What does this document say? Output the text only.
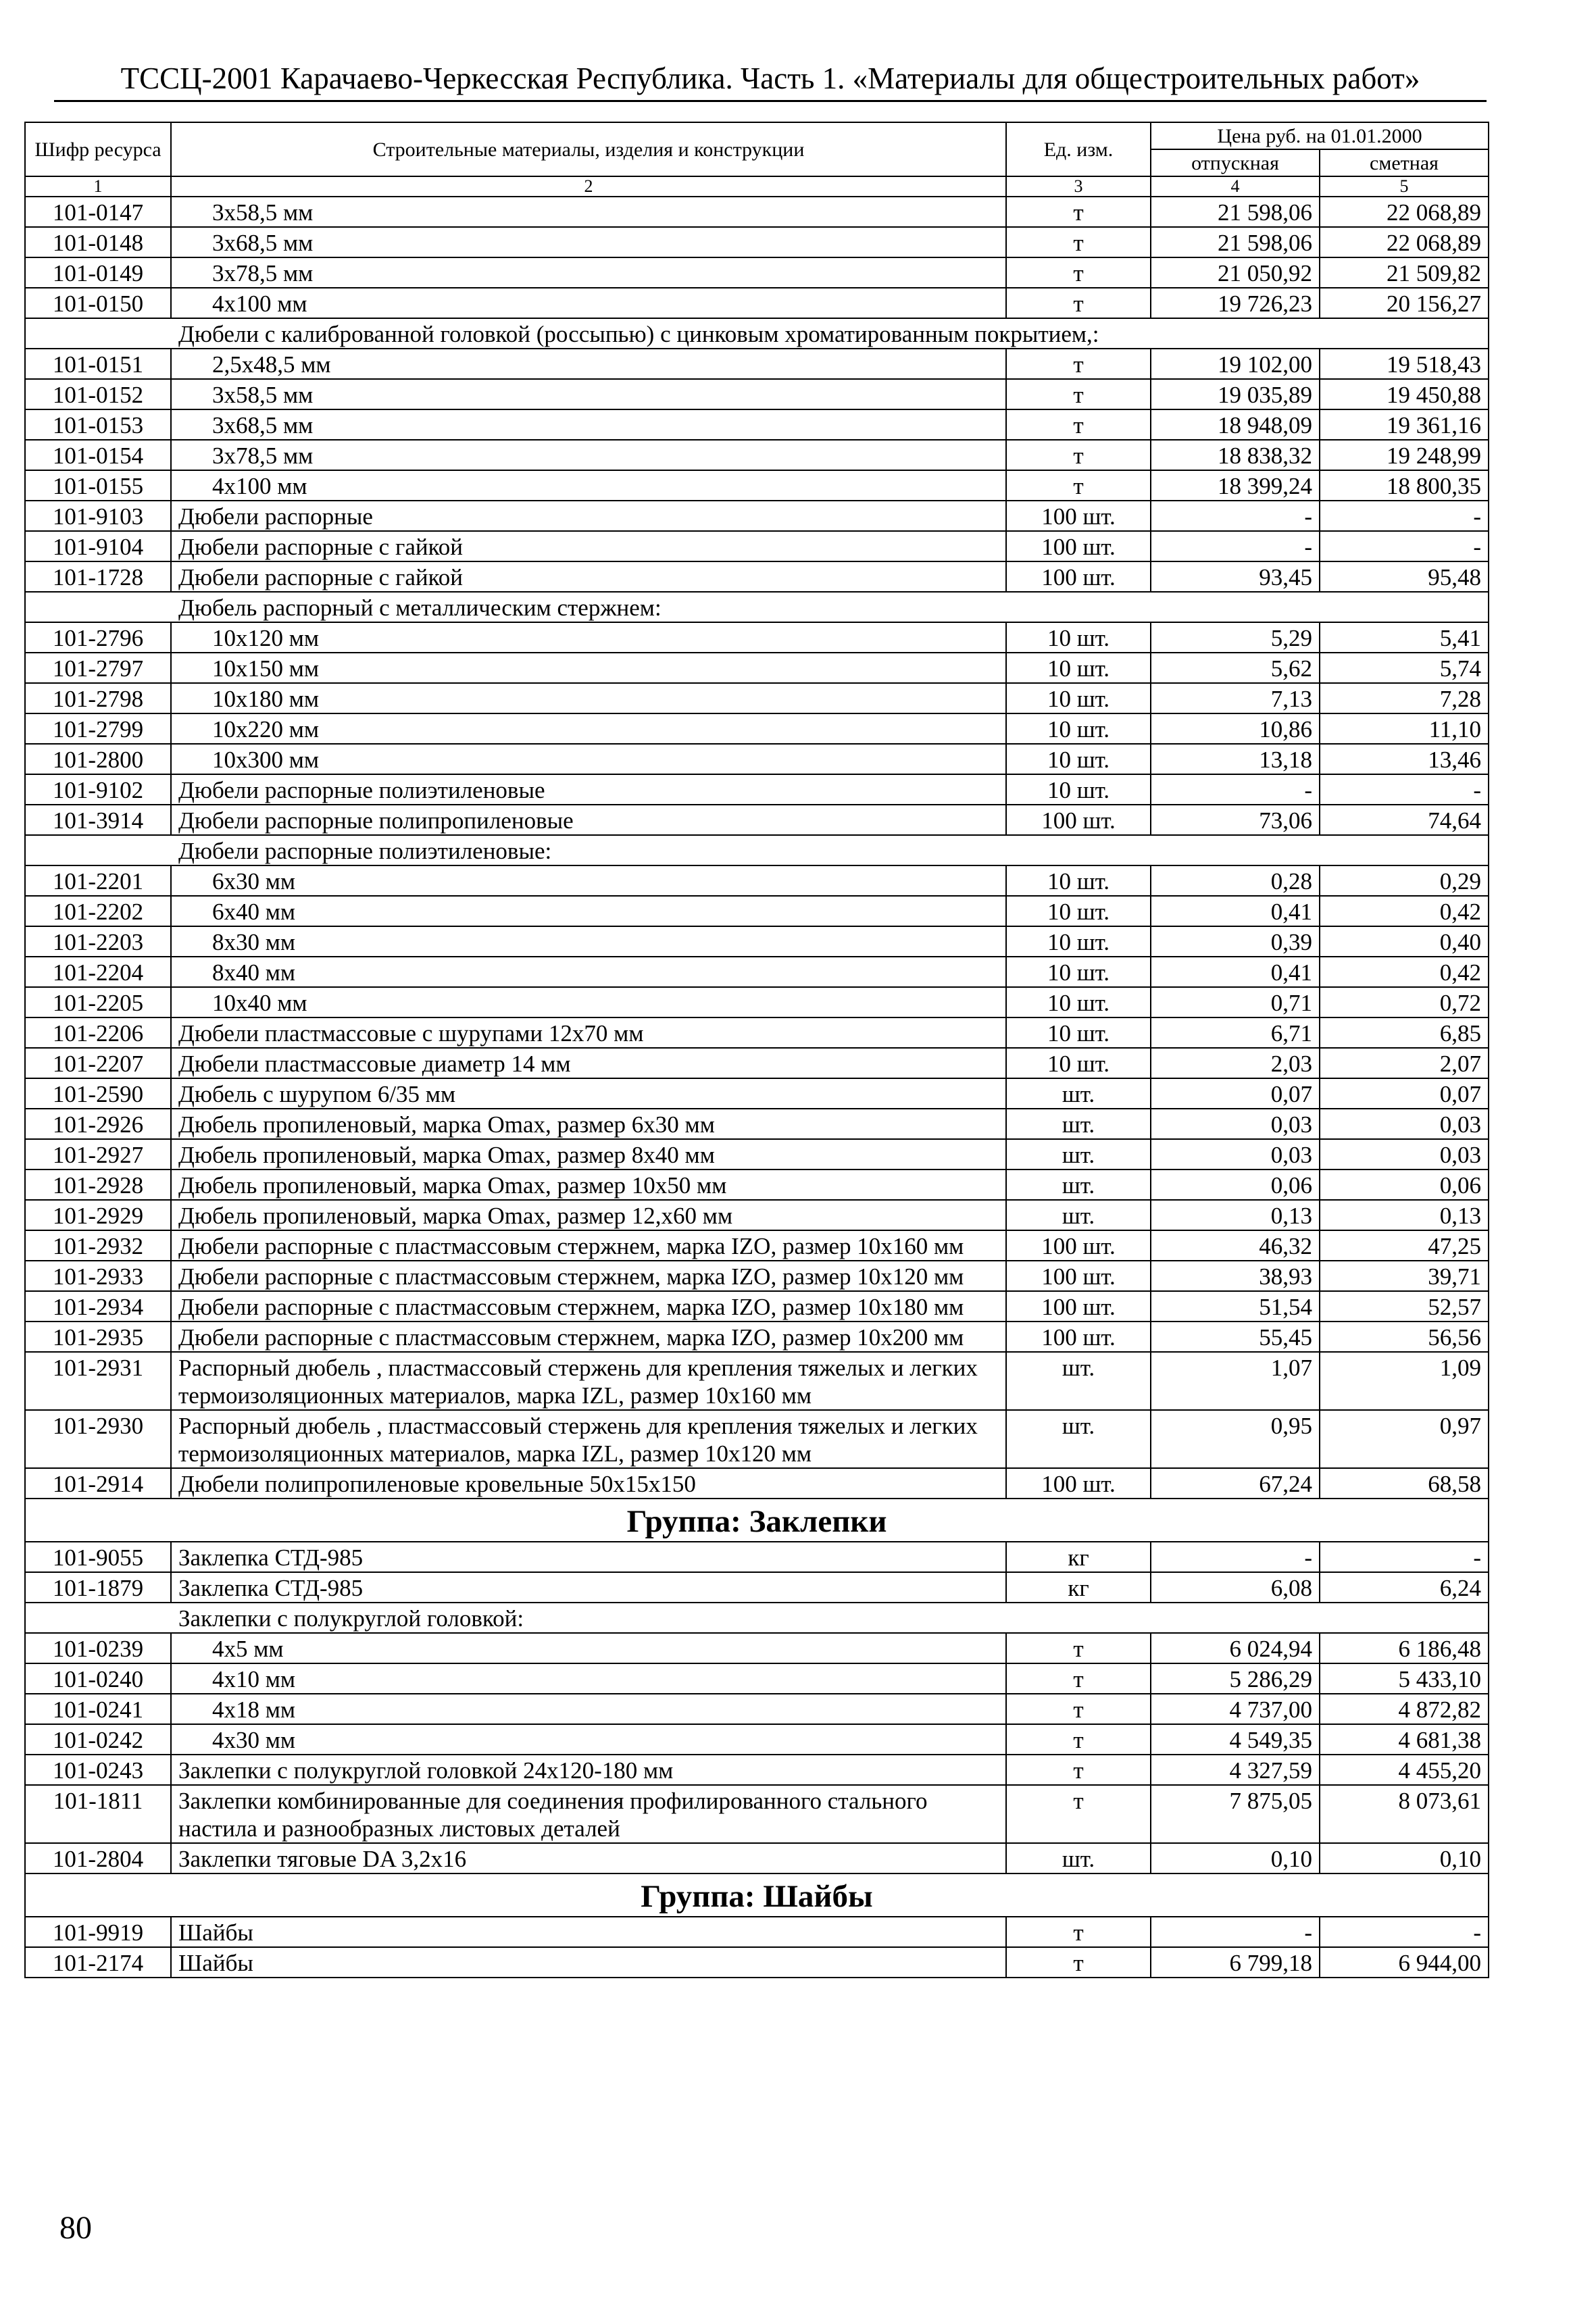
ТССЦ-2001 Карачаево-Черкесская Республика. Часть 1. «Материалы для общестроительных работ»
Шифр ресурса	Строительные материалы, изделия и конструкции	Ед. изм.	Цена руб. на 01.01.2000	
			отпускная	сметная
1	2	3	4	5
101-0147	3x58,5 мм	т	21 598,06	22 068,89
101-0148	3x68,5 мм	т	21 598,06	22 068,89
101-0149	3x78,5 мм	т	21 050,92	21 509,82
101-0150	4x100 мм	т	19 726,23	20 156,27
Дюбели с калиброванной головкой (россыпью) с цинковым хроматированным покрытием,:				
101-0151	2,5x48,5 мм	т	19 102,00	19 518,43
101-0152	3x58,5 мм	т	19 035,89	19 450,88
101-0153	3x68,5 мм	т	18 948,09	19 361,16
101-0154	3x78,5 мм	т	18 838,32	19 248,99
101-0155	4x100 мм	т	18 399,24	18 800,35
101-9103	Дюбели распорные	100 шт.	-	-
101-9104	Дюбели распорные с гайкой	100 шт.	-	-
101-1728	Дюбели распорные с гайкой	100 шт.	93,45	95,48
Дюбель распорный с металлическим стержнем:				
101-2796	10x120 мм	10 шт.	5,29	5,41
101-2797	10x150 мм	10 шт.	5,62	5,74
101-2798	10x180 мм	10 шт.	7,13	7,28
101-2799	10x220 мм	10 шт.	10,86	11,10
101-2800	10x300 мм	10 шт.	13,18	13,46
101-9102	Дюбели распорные полиэтиленовые	10 шт.	-	-
101-3914	Дюбели распорные полипропиленовые	100 шт.	73,06	74,64
Дюбели распорные полиэтиленовые:				
101-2201	6x30 мм	10 шт.	0,28	0,29
101-2202	6x40 мм	10 шт.	0,41	0,42
101-2203	8x30 мм	10 шт.	0,39	0,40
101-2204	8x40 мм	10 шт.	0,41	0,42
101-2205	10x40 мм	10 шт.	0,71	0,72
101-2206	Дюбели пластмассовые с шурупами 12x70 мм	10 шт.	6,71	6,85
101-2207	Дюбели пластмассовые диаметр 14 мм	10 шт.	2,03	2,07
101-2590	Дюбель с шурупом 6/35 мм	шт.	0,07	0,07
101-2926	Дюбель пропиленовый, марка Omax, размер 6x30 мм	шт.	0,03	0,03
101-2927	Дюбель пропиленовый, марка Omax, размер 8x40 мм	шт.	0,03	0,03
101-2928	Дюбель пропиленовый, марка Omax, размер 10x50 мм	шт.	0,06	0,06
101-2929	Дюбель пропиленовый, марка Omax, размер 12,x60 мм	шт.	0,13	0,13
101-2932	Дюбели распорные с пластмассовым стержнем, марка IZO, размер 10x160 мм	100 шт.	46,32	47,25
101-2933	Дюбели распорные с пластмассовым стержнем, марка IZO, размер 10x120 мм	100 шт.	38,93	39,71
101-2934	Дюбели распорные с пластмассовым стержнем, марка IZO, размер 10x180 мм	100 шт.	51,54	52,57
101-2935	Дюбели распорные с пластмассовым стержнем, марка IZO, размер 10x200 мм	100 шт.	55,45	56,56
101-2931	Распорный дюбель , пластмассовый стержень для крепления тяжелых и легких термоизоляционных материалов, марка IZL, размер 10x160 мм	шт.	1,07	1,09
101-2930	Распорный дюбель , пластмассовый стержень для крепления тяжелых и легких термоизоляционных материалов, марка IZL, размер 10x120 мм	шт.	0,95	0,97
101-2914	Дюбели полипропиленовые кровельные 50x15x150	100 шт.	67,24	68,58
Группа: Заклепки				
101-9055	Заклепка СТД-985	кг	-	-
101-1879	Заклепка СТД-985	кг	6,08	6,24
Заклепки с полукруглой головкой:				
101-0239	4x5 мм	т	6 024,94	6 186,48
101-0240	4x10 мм	т	5 286,29	5 433,10
101-0241	4x18 мм	т	4 737,00	4 872,82
101-0242	4x30 мм	т	4 549,35	4 681,38
101-0243	Заклепки с полукруглой головкой 24x120-180 мм	т	4 327,59	4 455,20
101-1811	Заклепки комбинированные для соединения профилированного стального настила и разнообразных листовых деталей	т	7 875,05	8 073,61
101-2804	Заклепки тяговые DA 3,2x16	шт.	0,10	0,10
Группа: Шайбы				
101-9919	Шайбы	т	-	-
101-2174	Шайбы	т	6 799,18	6 944,00
80
